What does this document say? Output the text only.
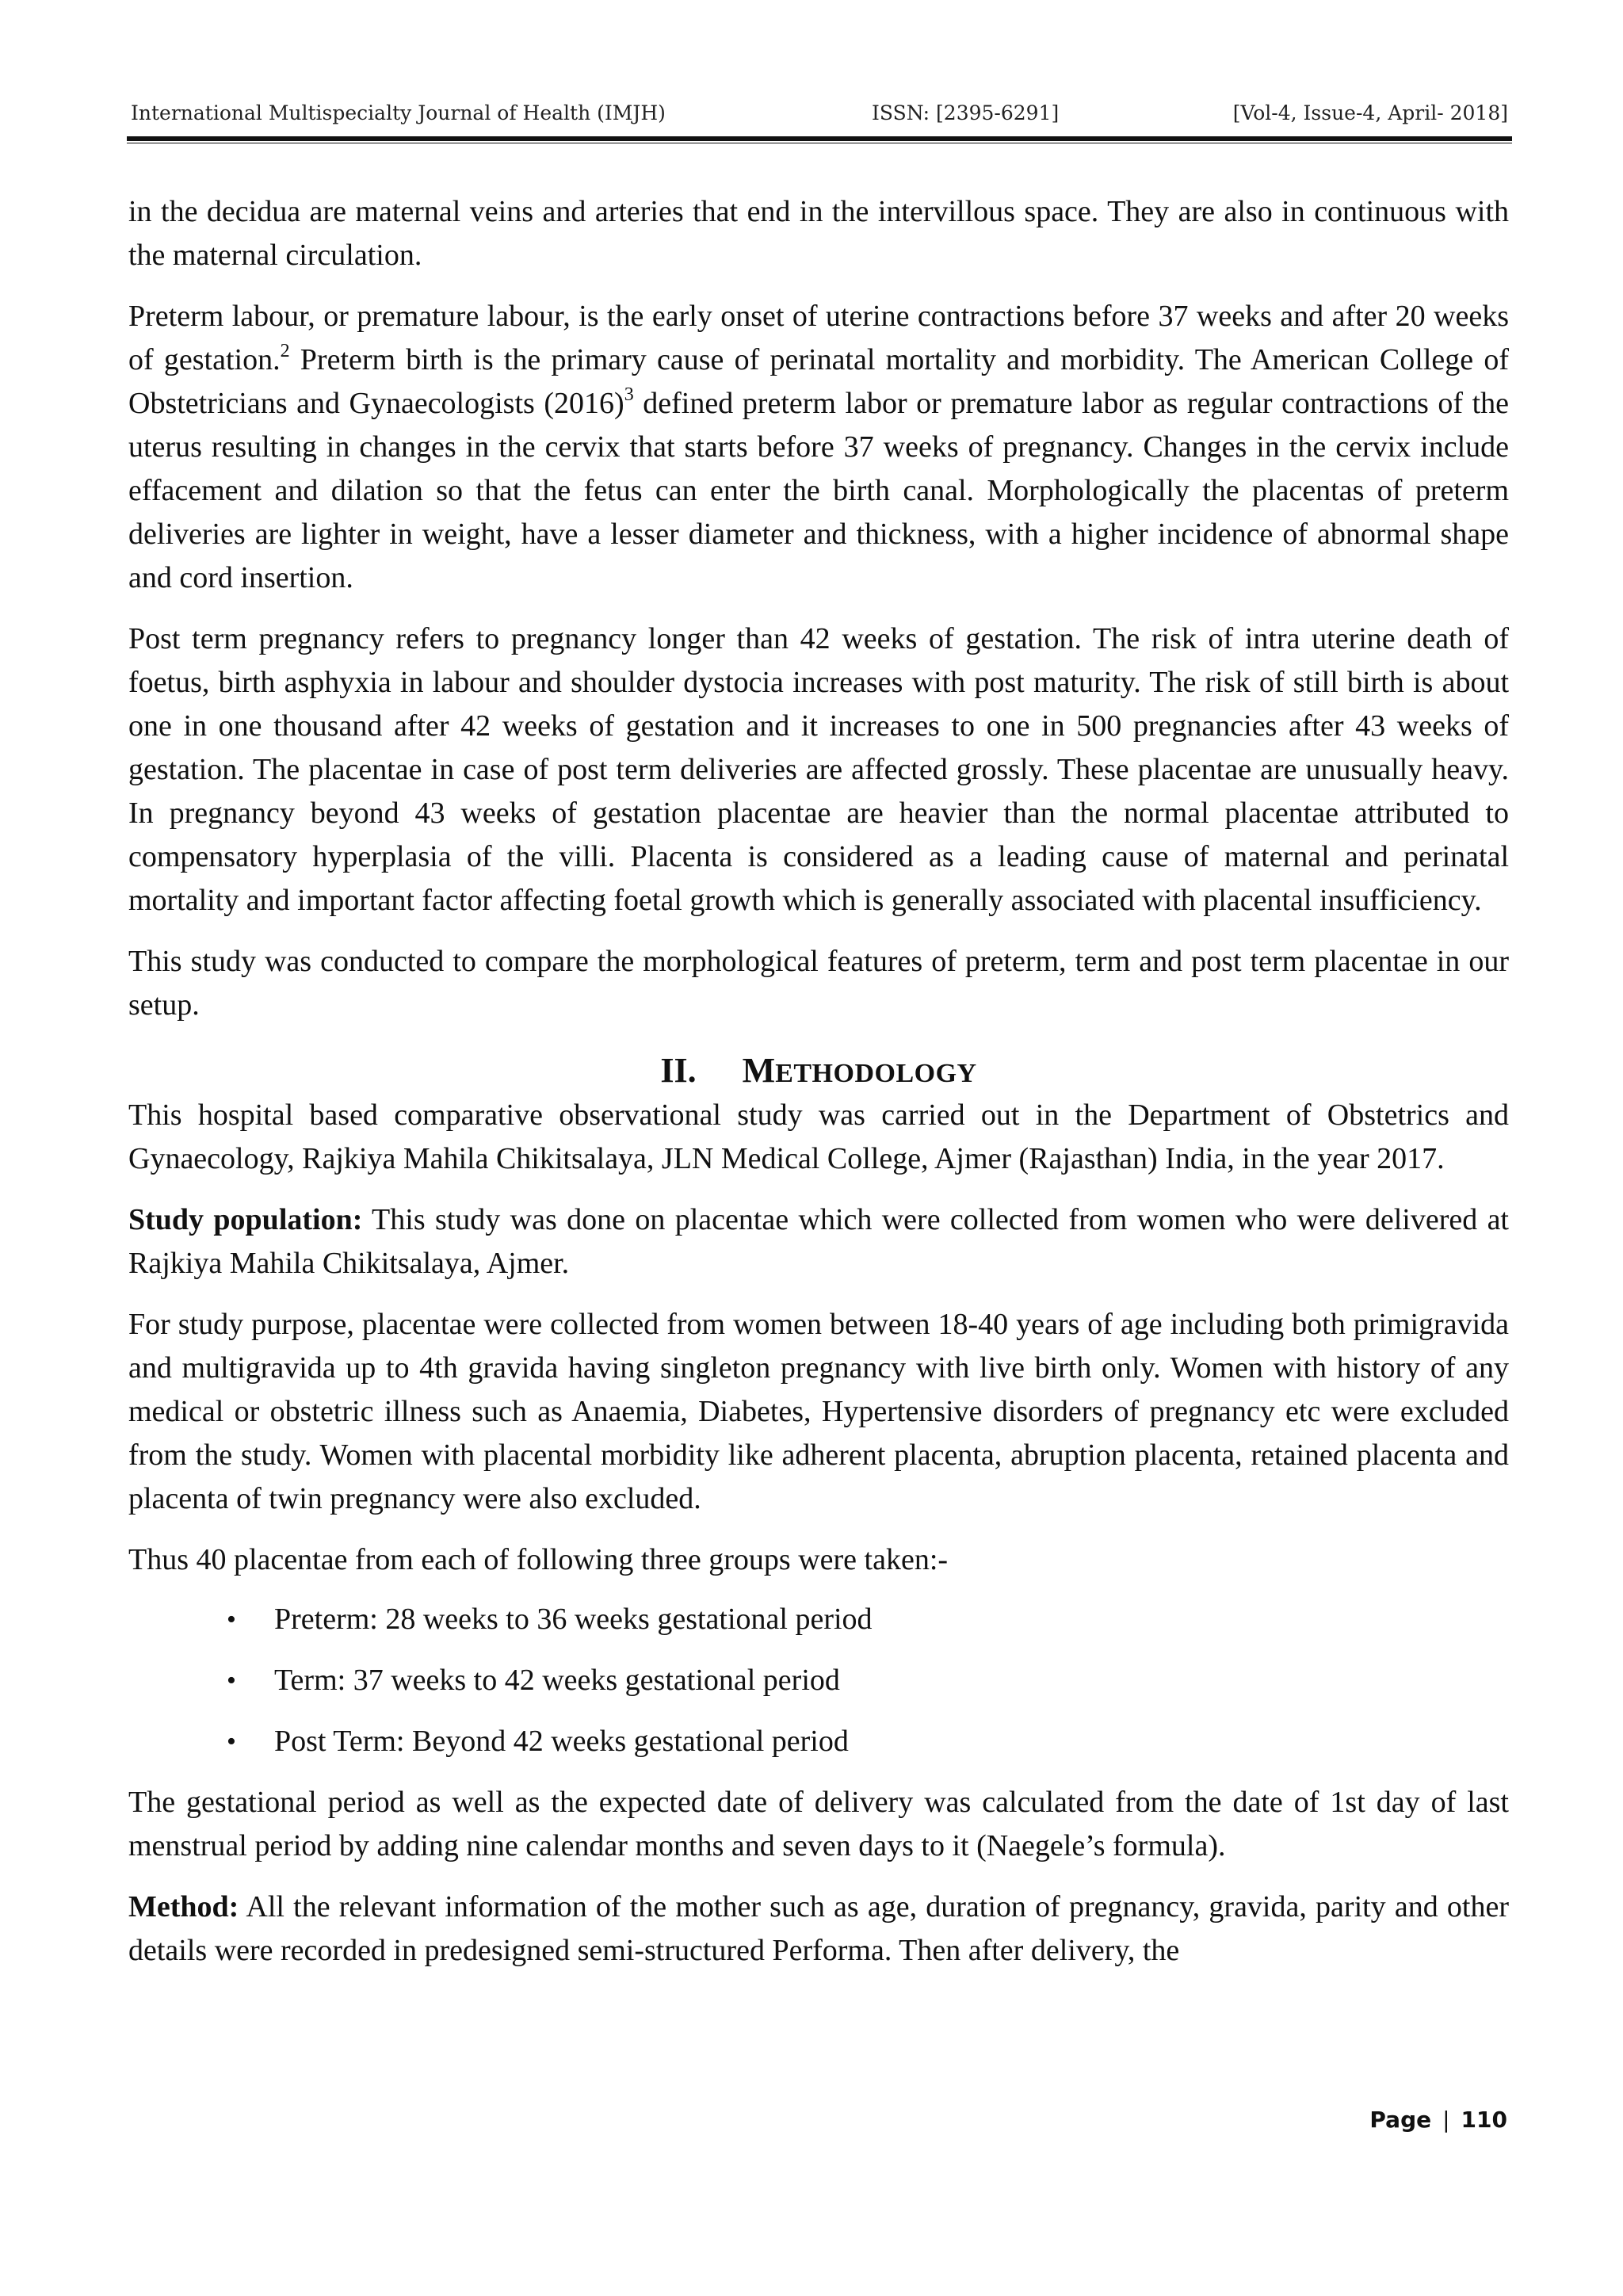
International Multispecialty Journal of Health (IMJH)	ISSN: [2395-6291]	[Vol-4, Issue-4, April- 2018]

in the decidua are maternal veins and arteries that end in the intervillous space. They are also in continuous with the maternal circulation.

Preterm labour, or premature labour, is the early onset of uterine contractions before 37 weeks and after 20 weeks of gestation.$^2$ Preterm birth is the primary cause of perinatal mortality and morbidity. The American College of Obstetricians and Gynaecologists $(2016)^3$ defined preterm labor or premature labor as regular contractions of the uterus resulting in changes in the cervix that starts before 37 weeks of pregnancy. Changes in the cervix include effacement and dilation so that the fetus can enter the birth canal. Morphologically the placentas of preterm deliveries are lighter in weight, have a lesser diameter and thickness, with a higher incidence of abnormal shape and cord insertion.

Post term pregnancy refers to pregnancy longer than 42 weeks of gestation. The risk of intra uterine death of foetus, birth asphyxia in labour and shoulder dystocia increases with post maturity. The risk of still birth is about one in one thousand after 42 weeks of gestation and it increases to one in 500 pregnancies after 43 weeks of gestation. The placentae in case of post term deliveries are affected grossly. These placentae are unusually heavy. In pregnancy beyond 43 weeks of gestation placentae are heavier than the normal placentae attributed to compensatory hyperplasia of the villi. Placenta is considered as a leading cause of maternal and perinatal mortality and important factor affecting foetal growth which is generally associated with placental insufficiency.

This study was conducted to compare the morphological features of preterm, term and post term placentae in our setup.

II. METHODOLOGY

This hospital based comparative observational study was carried out in the Department of Obstetrics and Gynaecology, Rajkiya Mahila Chikitsalaya, JLN Medical College, Ajmer (Rajasthan) India, in the year 2017.

Study population: This study was done on placentae which were collected from women who were delivered at Rajkiya Mahila Chikitsalaya, Ajmer.

For study purpose, placentae were collected from women between 18-40 years of age including both primigravida and multigravida up to 4th gravida having singleton pregnancy with live birth only. Women with history of any medical or obstetric illness such as Anaemia, Diabetes, Hypertensive disorders of pregnancy etc were excluded from the study. Women with placental morbidity like adherent placenta, abruption placenta, retained placenta and placenta of twin pregnancy were also excluded.

Thus 40 placentae from each of following three groups were taken:-

• Preterm: 28 weeks to 36 weeks gestational period
• Term: 37 weeks to 42 weeks gestational period
• Post Term: Beyond 42 weeks gestational period

The gestational period as well as the expected date of delivery was calculated from the date of 1st day of last menstrual period by adding nine calendar months and seven days to it (Naegele’s formula).

Method: All the relevant information of the mother such as age, duration of pregnancy, gravida, parity and other details were recorded in predesigned semi-structured Performa. Then after delivery, the

Page | 110
